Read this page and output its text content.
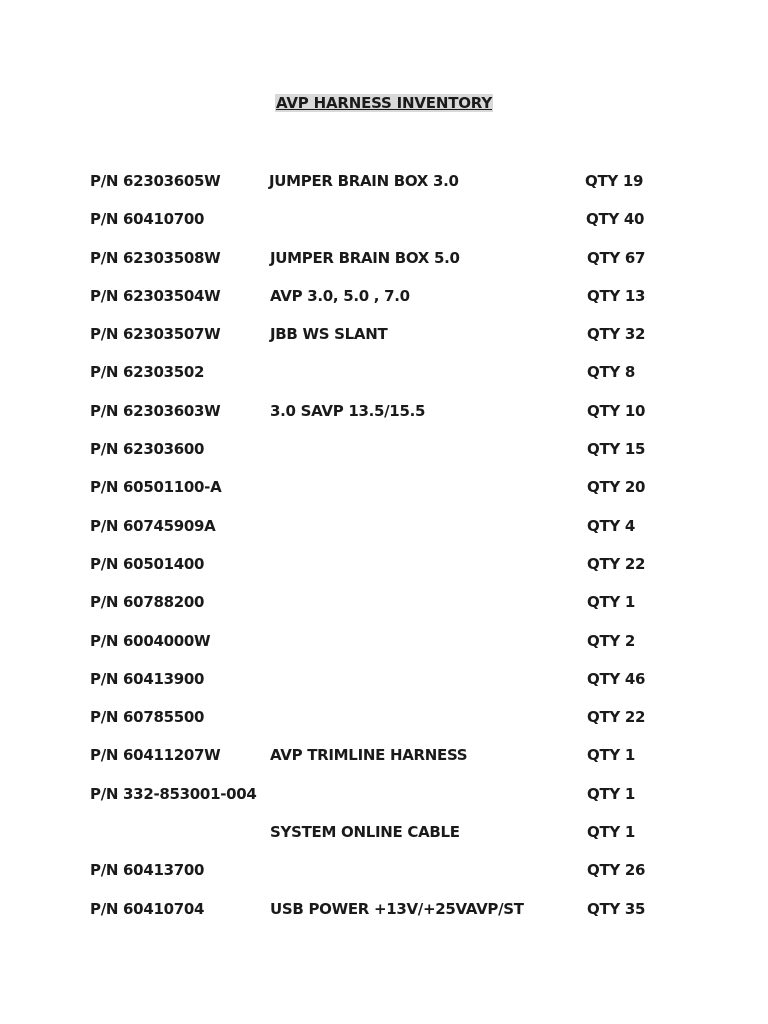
AVP HARNESS INVENTORY
P/N 62303605W	JUMPER BRAIN BOX 3.0	QTY 19
P/N 60410700	QTY 40
P/N 62303508W	JUMPER BRAIN BOX 5.0	QTY 67
P/N 62303504W	AVP 3.0, 5.0 , 7.0	QTY 13
P/N 62303507W	JBB WS SLANT	QTY 32
P/N 62303502	QTY 8
P/N 62303603W	3.0 SAVP 13.5/15.5	QTY 10
P/N 62303600	QTY 15
P/N 60501100-A	QTY 20
P/N 60745909A	QTY 4
P/N 60501400	QTY 22
P/N 60788200	QTY 1
P/N 6004000W	QTY 2
P/N 60413900	QTY 46
P/N 60785500	QTY 22
P/N 60411207W	AVP TRIMLINE HARNESS	QTY 1
P/N 332-853001-004	QTY 1
SYSTEM ONLINE CABLE	QTY 1
P/N 60413700	QTY 26
P/N 60410704	USB POWER +13V/+25VAVP/ST	QTY 35
